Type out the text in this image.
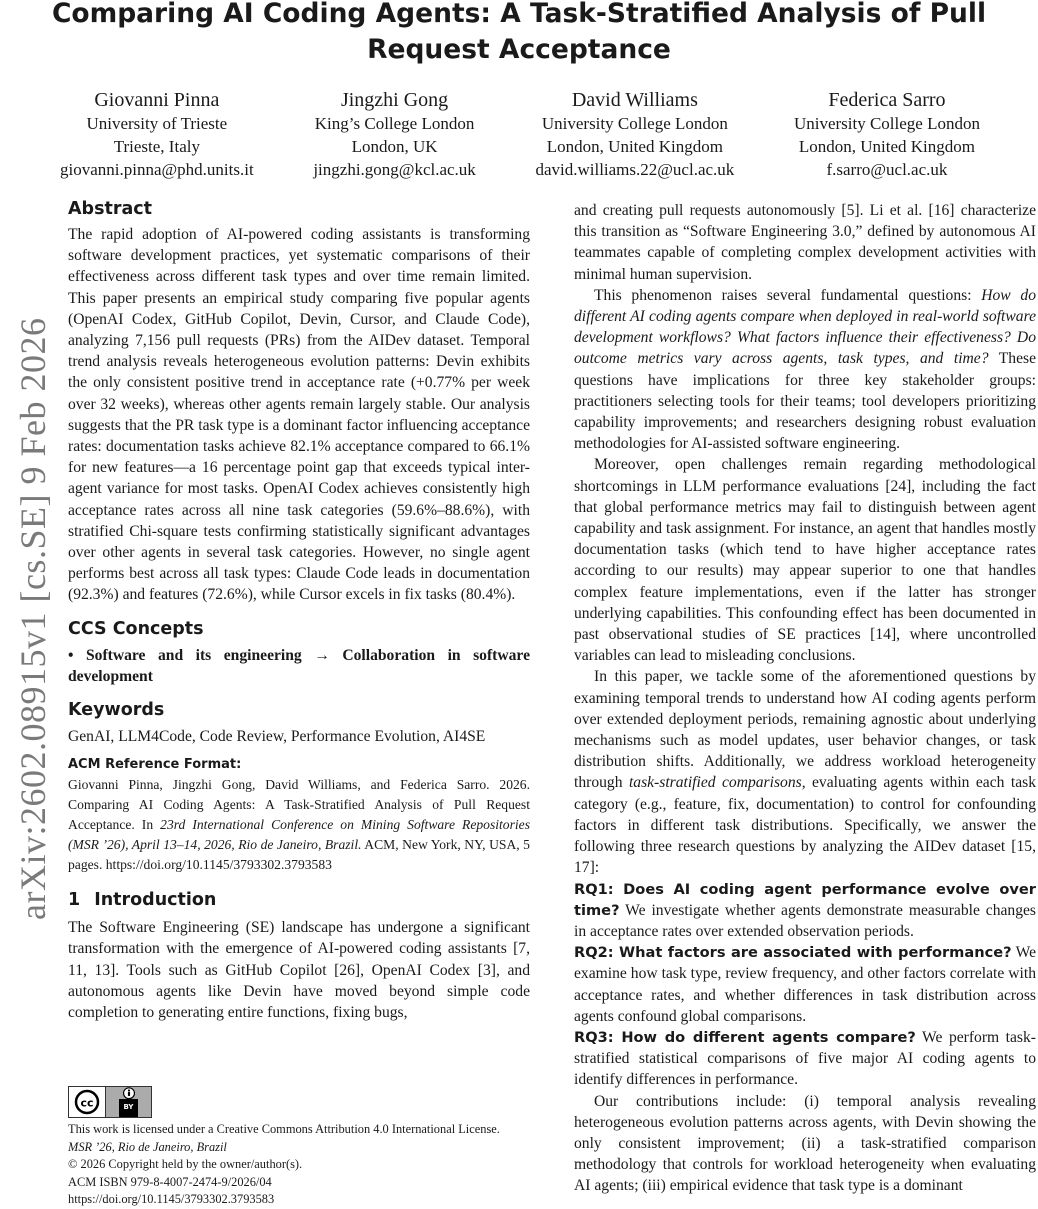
Comparing AI Coding Agents: A Task-Stratified Analysis of Pull Request Acceptance
Giovanni Pinna
University of Trieste
Trieste, Italy
giovanni.pinna@phd.units.it
Jingzhi Gong
King’s College London
London, UK
jingzhi.gong@kcl.ac.uk
David Williams
University College London
London, United Kingdom
david.williams.22@ucl.ac.uk
Federica Sarro
University College London
London, United Kingdom
f.sarro@ucl.ac.uk
arXiv:2602.08915v1 [cs.SE] 9 Feb 2026
Abstract

The rapid adoption of AI-powered coding assistants is transforming software development practices, yet systematic comparisons of their effectiveness across different task types and over time remain limited. This paper presents an empirical study comparing five popular agents (OpenAI Codex, GitHub Copilot, Devin, Cursor, and Claude Code), analyzing 7,156 pull requests (PRs) from the AIDev dataset. Temporal trend analysis reveals heterogeneous evolution patterns: Devin exhibits the only consistent positive trend in acceptance rate (+0.77% per week over 32 weeks), whereas other agents remain largely stable. Our analysis suggests that the PR task type is a dominant factor influencing acceptance rates: documentation tasks achieve 82.1% acceptance compared to 66.1% for new features—a 16 percentage point gap that exceeds typical inter-agent variance for most tasks. OpenAI Codex achieves consistently high acceptance rates across all nine task categories (59.6%–88.6%), with stratified Chi-square tests confirming statistically significant advantages over other agents in several task categories. However, no single agent performs best across all task types: Claude Code leads in documentation (92.3%) and features (72.6%), while Cursor excels in fix tasks (80.4%).

CCS Concepts

• Software and its engineering → Collaboration in software development

Keywords

GenAI, LLM4Code, Code Review, Performance Evolution, AI4SE

ACM Reference Format:
Giovanni Pinna, Jingzhi Gong, David Williams, and Federica Sarro. 2026. Comparing AI Coding Agents: A Task-Stratified Analysis of Pull Request Acceptance. In 23rd International Conference on Mining Software Repositories (MSR ’26), April 13–14, 2026, Rio de Janeiro, Brazil. ACM, New York, NY, USA, 5 pages. https://doi.org/10.1145/3793302.3793583
1 Introduction

The Software Engineering (SE) landscape has undergone a significant transformation with the emergence of AI-powered coding assistants [7, 11, 13]. Tools such as GitHub Copilot [26], OpenAI Codex [3], and autonomous agents like Devin have moved beyond simple code completion to generating entire functions, fixing bugs,

and creating pull requests autonomously [5]. Li et al. [16] characterize this transition as “Software Engineering 3.0,” defined by autonomous AI teammates capable of completing complex development activities with minimal human supervision.

This phenomenon raises several fundamental questions: How do different AI coding agents compare when deployed in real-world software development workflows? What factors influence their effectiveness? Do outcome metrics vary across agents, task types, and time? These questions have implications for three key stakeholder groups: practitioners selecting tools for their teams; tool developers prioritizing capability improvements; and researchers designing robust evaluation methodologies for AI-assisted software engineering.

Moreover, open challenges remain regarding methodological shortcomings in LLM performance evaluations [24], including the fact that global performance metrics may fail to distinguish between agent capability and task assignment. For instance, an agent that handles mostly documentation tasks (which tend to have higher acceptance rates according to our results) may appear superior to one that handles complex feature implementations, even if the latter has stronger underlying capabilities. This confounding effect has been documented in past observational studies of SE practices [14], where uncontrolled variables can lead to misleading conclusions.

In this paper, we tackle some of the aforementioned questions by examining temporal trends to understand how AI coding agents perform over extended deployment periods, remaining agnostic about underlying mechanisms such as model updates, user behavior changes, or task distribution shifts. Additionally, we address workload heterogeneity through task-stratified comparisons, evaluating agents within each task category (e.g., feature, fix, documentation) to control for confounding factors in different task distributions. Specifically, we answer the following three research questions by analyzing the AIDev dataset [15, 17]:

RQ1: Does AI coding agent performance evolve over time? We investigate whether agents demonstrate measurable changes in acceptance rates over extended observation periods.

RQ2: What factors are associated with performance? We examine how task type, review frequency, and other factors correlate with acceptance rates, and whether differences in task distribution across agents confound global comparisons.

RQ3: How do different agents compare? We perform task-stratified statistical comparisons of five major AI coding agents to identify differences in performance.

Our contributions include: (i) temporal analysis revealing heterogeneous evolution patterns across agents, with Devin showing the only consistent improvement; (ii) a task-stratified comparison methodology that controls for workload heterogeneity when evaluating AI agents; (iii) empirical evidence that task type is a dominant

cc	BY
This work is licensed under a Creative Commons Attribution 4.0 International License.
MSR ’26, Rio de Janeiro, Brazil
© 2026 Copyright held by the owner/author(s).
ACM ISBN 979-8-4007-2474-9/2026/04
https://doi.org/10.1145/3793302.3793583
